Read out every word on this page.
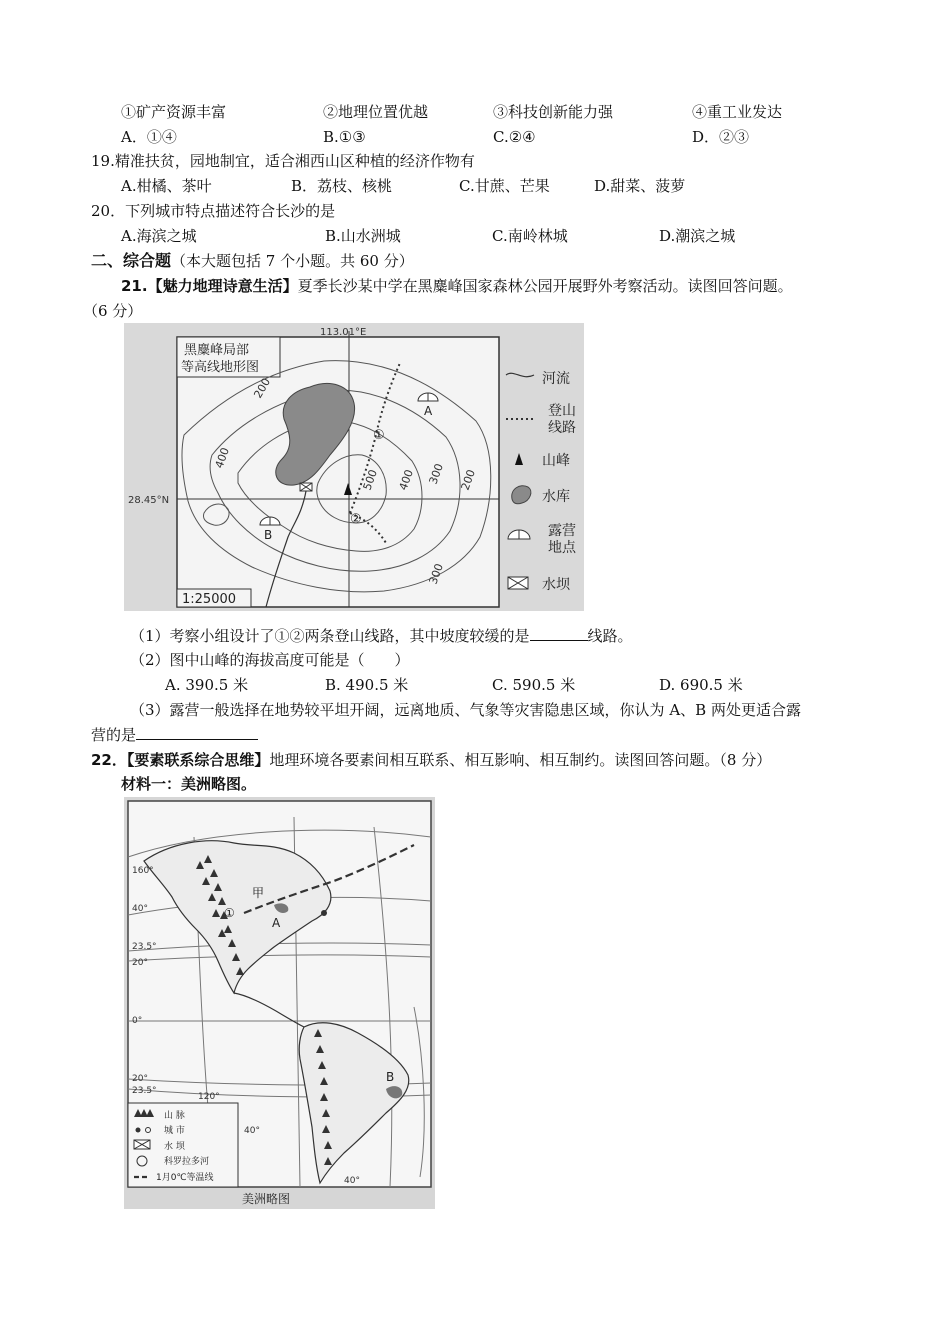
①矿产资源丰富	②地理位置优越	③科技创新能力强	④重工业发达
A．①④	B.①③	C.②④	D．②③
19.精准扶贫，园地制宜，适合湘西山区种植的经济作物有
A.柑橘、茶叶	B．荔枝、核桃	C.甘蔗、芒果	D.甜菜、菠萝
20．下列城市特点描述符合长沙的是
A.海滨之城	B.山水洲城	C.南岭林城	D.潮滨之城
二、综合题（本大题包括 7 个小题。共 60 分）
21.【魅力地理诗意生活】夏季长沙某中学在黑麋峰国家森林公园开展野外考察活动。读图回答问题。
（6 分）
113.01°E
28.45°N
黑麋峰局部
等高线地形图
200
400
500 400 300 200
300
①
②
A
B
1:25000
河流
登山
线路
山峰
水库
露营
地点
水坝
（1）考察小组设计了①②两条登山线路，其中坡度较缓的是	线路。
（2）图中山峰的海拔高度可能是（　　）
A. 390.5 米	B. 490.5 米	C. 590.5 米	D. 690.5 米
（3）露营一般选择在地势较平坦开阔，远离地质、气象等灾害隐患区域，你认为 A、B 两处更适合露
营的是
22．【要素联系综合思维】地理环境各要素间相互联系、相互影响、相互制约。读图回答问题。（8 分）
材料一：美洲略图。
甲
①
A
B
40°
23.5°
20°
0°
20°
23.5°
160°
120°
40°
40°
山 脉
城 市
水 坝
科罗拉多河
1月0℃等温线
美洲略图
